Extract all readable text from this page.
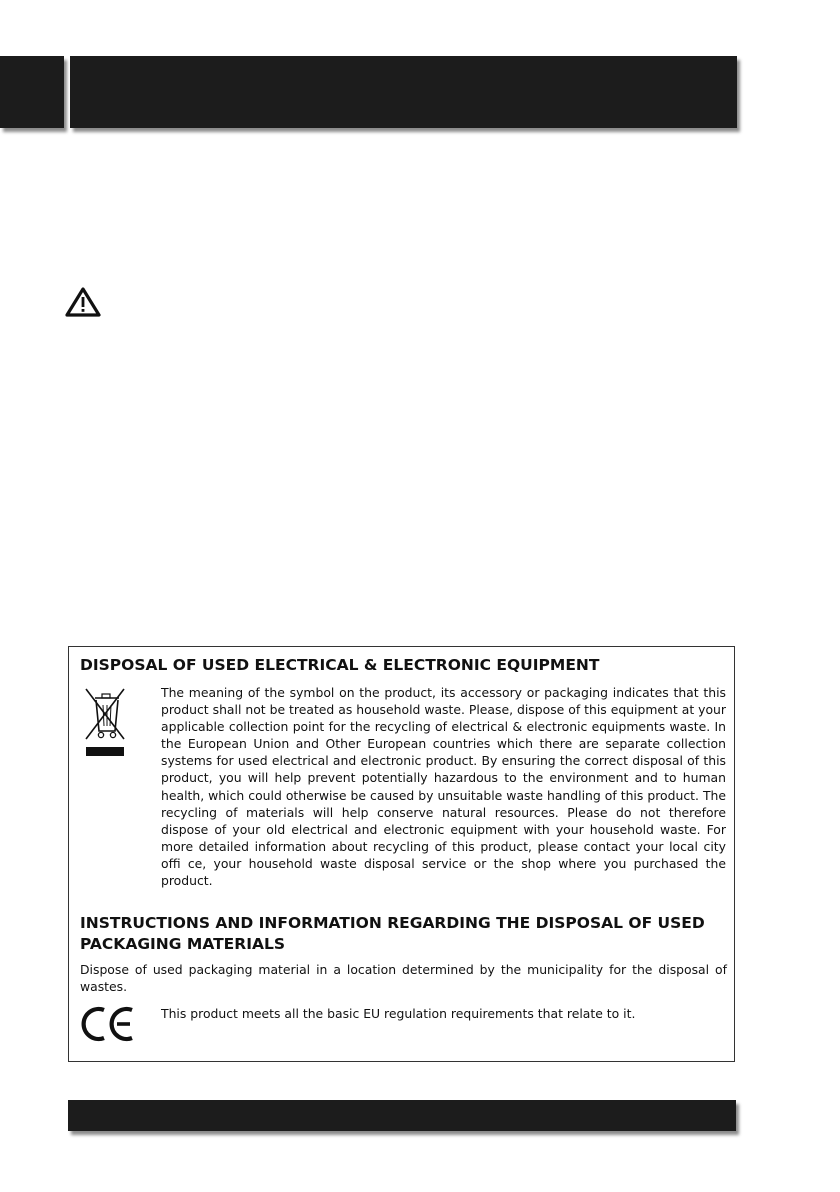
DISPOSAL OF USED ELECTRICAL & ELECTRONIC EQUIPMENT

The meaning of the symbol on the product, its accessory or packaging indicates that this product shall not be treated as household waste. Please, dispose of this equipment at your applicable collection point for the recycling of electrical & electronic equipments waste. In the European Union and Other European countries which there are separate collection systems for used electrical and electronic product. By ensuring the correct disposal of this product, you will help prevent potentially hazardous to the environment and to human health, which could otherwise be caused by unsuitable waste handling of this product. The recycling of materials will help conserve natural resources. Please do not therefore dispose of your old electrical and electronic equipment with your household waste. For more detailed information about recycling of this product, please contact your local city offi ce, your household waste disposal service or the shop where you purchased the product.

INSTRUCTIONS AND INFORMATION REGARDING THE DISPOSAL OF USED PACKAGING MATERIALS

Dispose of used packaging material in a location determined by the municipality for the disposal of wastes.

This product meets all the basic EU regulation requirements that relate to it.
